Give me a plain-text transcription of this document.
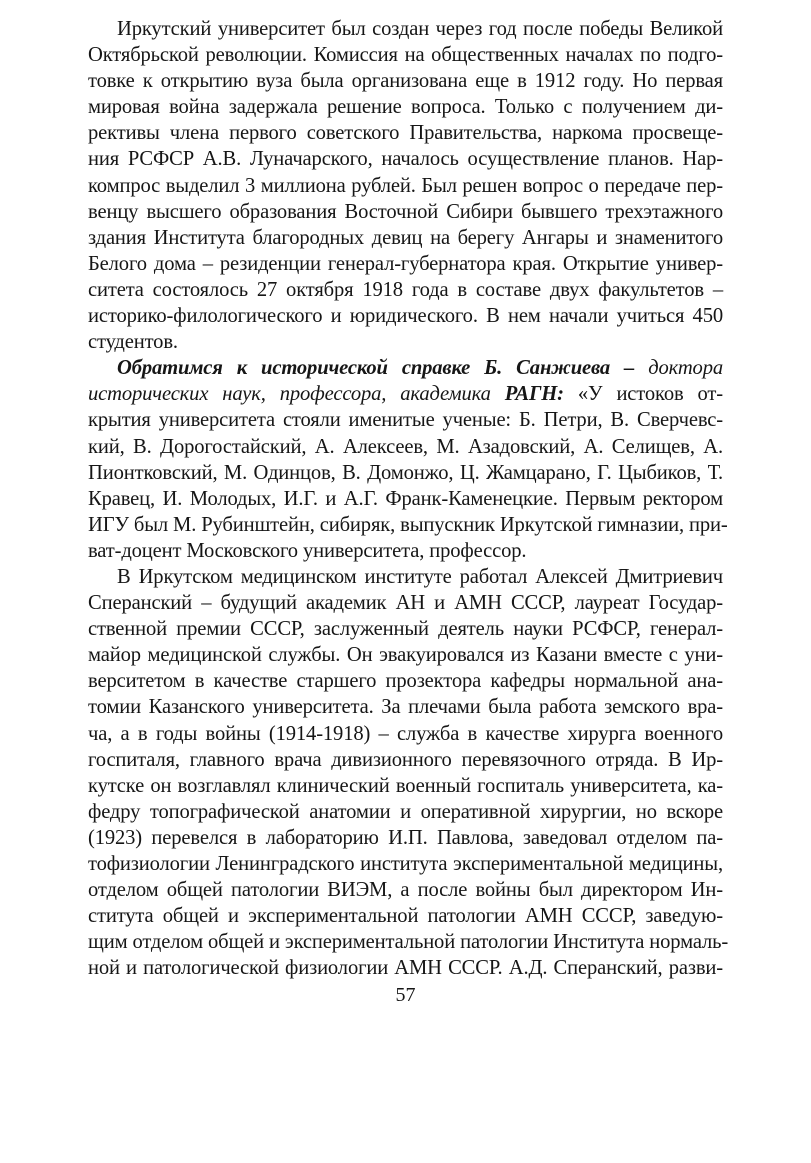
Иркутский университет был создан через год после победы Великой
Октябрьской революции. Комиссия на общественных началах по подго-
товке к открытию вуза была организована еще в 1912 году. Но первая
мировая война задержала решение вопроса. Только с получением ди-
рективы члена первого советского Правительства, наркома просвеще-
ния РСФСР А.В. Луначарского, началось осуществление планов. Нар-
компрос выделил 3 миллиона рублей. Был решен вопрос о передаче пер-
венцу высшего образования Восточной Сибири бывшего трехэтажного
здания Института благородных девиц на берегу Ангары и знаменитого
Белого дома – резиденции генерал-губернатора края. Открытие универ-
ситета состоялось 27 октября 1918 года в составе двух факультетов –
историко-филологического и юридического. В нем начали учиться 450
студентов.
Обратимся к исторической справке Б. Санжиева – доктора
исторических наук, профессора, академика РАГН: «У истоков от-
крытия университета стояли именитые ученые: Б. Петри, В. Сверчевс-
кий, В. Дорогостайский, А. Алексеев, М. Азадовский, А. Селищев, А.
Пионтковский, М. Одинцов, В. Домонжо, Ц. Жамцарано, Г. Цыбиков, Т.
Кравец, И. Молодых, И.Г. и А.Г. Франк-Каменецкие. Первым ректором
ИГУ был М. Рубинштейн, сибиряк, выпускник Иркутской гимназии, при-
ват-доцент Московского университета, профессор.
В Иркутском медицинском институте работал Алексей Дмитриевич
Сперанский – будущий академик АН и АМН СССР, лауреат Государ-
ственной премии СССР, заслуженный деятель науки РСФСР, генерал-
майор медицинской службы. Он эвакуировался из Казани вместе с уни-
верситетом в качестве старшего прозектора кафедры нормальной ана-
томии Казанского университета. За плечами была работа земского вра-
ча, а в годы войны (1914-1918) – служба в качестве хирурга военного
госпиталя, главного врача дивизионного перевязочного отряда. В Ир-
кутске он возглавлял клинический военный госпиталь университета, ка-
федру топографической анатомии и оперативной хирургии, но вскоре
(1923) перевелся в лабораторию И.П. Павлова, заведовал отделом па-
тофизиологии Ленинградского института экспериментальной медицины,
отделом общей патологии ВИЭМ, а после войны был директором Ин-
ститута общей и экспериментальной патологии АМН СССР, заведую-
щим отделом общей и экспериментальной патологии Института нормаль-
ной и патологической физиологии АМН СССР. А.Д. Сперанский, разви-
57
